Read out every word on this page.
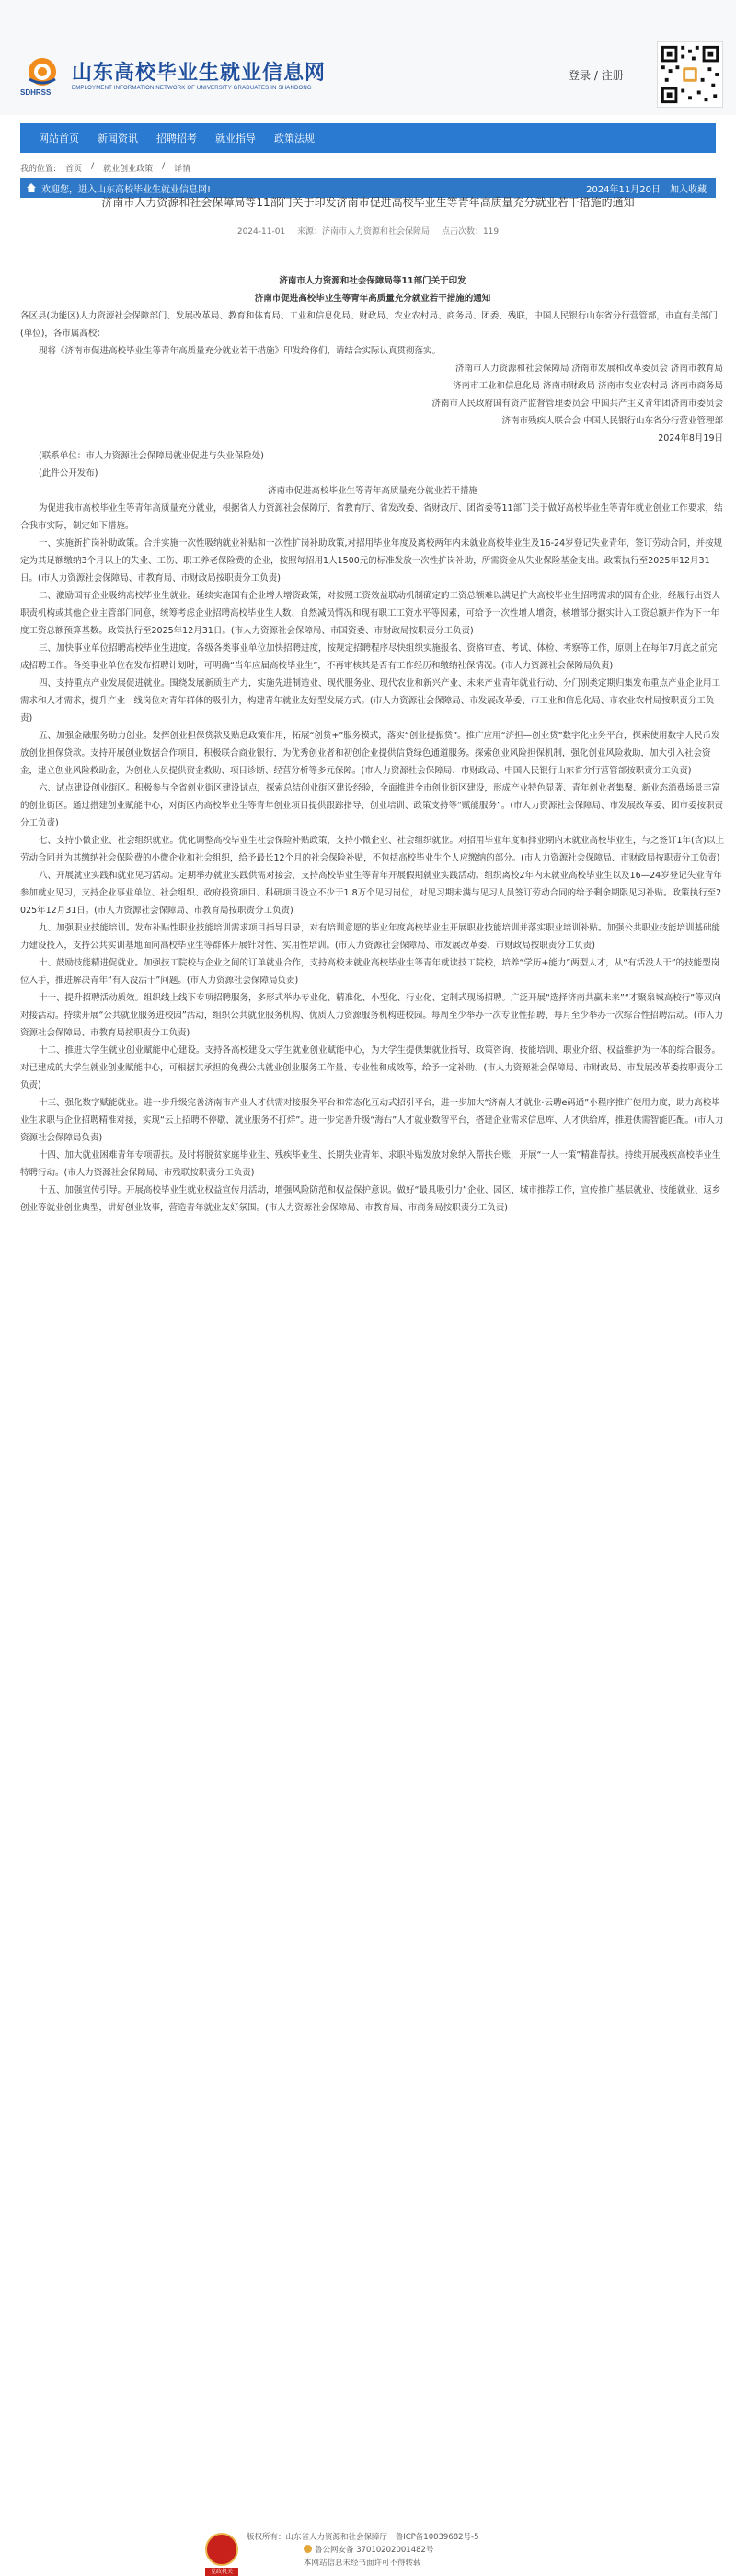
SDHRSS
山东高校毕业生就业信息网
EMPLOYMENT INFORMATION NETWORK OF UNIVERSITY GRADUATES IN SHANDONG
登录 / 注册
网站首页 新闻资讯 招聘招考 就业指导 政策法规
我的位置: 首页 / 就业创业政策 / 详情
欢迎您，进入山东高校毕业生就业信息网!	2024年11月20日 加入收藏
济南市人力资源和社会保障局等11部门关于印发济南市促进高校毕业生等青年高质量充分就业若干措施的通知
2024-11-01 来源：济南市人力资源和社会保障局 点击次数：119

济南市人力资源和社会保障局等11部门关于印发

济南市促进高校毕业生等青年高质量充分就业若干措施的通知

各区县(功能区)人力资源社会保障部门、发展改革局、教育和体育局、工业和信息化局、财政局、农业农村局、商务局、团委、残联，中国人民银行山东省分行营管部，市直有关部门(单位)，各市属高校：

现将《济南市促进高校毕业生等青年高质量充分就业若干措施》印发给你们，请结合实际认真贯彻落实。

济南市人力资源和社会保障局 济南市发展和改革委员会 济南市教育局

济南市工业和信息化局 济南市财政局 济南市农业农村局 济南市商务局

济南市人民政府国有资产监督管理委员会 中国共产主义青年团济南市委员会

济南市残疾人联合会 中国人民银行山东省分行营业管理部

2024年8月19日

(联系单位：市人力资源社会保障局就业促进与失业保险处)

(此件公开发布)

济南市促进高校毕业生等青年高质量充分就业若干措施

为促进我市高校毕业生等青年高质量充分就业，根据省人力资源社会保障厅、省教育厅、省发改委、省财政厅、团省委等11部门关于做好高校毕业生等青年就业创业工作要求，结合我市实际，制定如下措施。

一、实施新扩岗补助政策。合并实施一次性吸纳就业补贴和一次性扩岗补助政策,对招用毕业年度及离校两年内未就业高校毕业生及16-24岁登记失业青年，签订劳动合同，并按规定为其足额缴纳3个月以上的失业、工伤、职工养老保险费的企业，按照每招用1人1500元的标准发放一次性扩岗补助，所需资金从失业保险基金支出。政策执行至2025年12月31日。(市人力资源社会保障局、市教育局、市财政局按职责分工负责)

二、激励国有企业吸纳高校毕业生就业。延续实施国有企业增人增资政策，对按照工资效益联动机制确定的工资总额难以满足扩大高校毕业生招聘需求的国有企业，经履行出资人职责机构或其他企业主管部门同意，统筹考虑企业招聘高校毕业生人数、自然减员情况和现有职工工资水平等因素，可给予一次性增人增资，核增部分据实计入工资总额并作为下一年度工资总额预算基数。政策执行至2025年12月31日。(市人力资源社会保障局、市国资委、市财政局按职责分工负责)

三、加快事业单位招聘高校毕业生进度。各级各类事业单位加快招聘进度，按规定招聘程序尽快组织实施报名、资格审查、考试、体检、考察等工作，原则上在每年7月底之前完成招聘工作。各类事业单位在发布招聘计划时，可明确“当年应届高校毕业生”，不再审核其是否有工作经历和缴纳社保情况。(市人力资源社会保障局负责)

四、支持重点产业发展促进就业。围绕发展新质生产力，实施先进制造业、现代服务业、现代农业和新兴产业、未来产业青年就业行动，分门别类定期归集发布重点产业企业用工需求和人才需求，提升产业一线岗位对青年群体的吸引力，构建青年就业友好型发展方式。(市人力资源社会保障局、市发展改革委、市工业和信息化局、市农业农村局按职责分工负责)

五、加强金融服务助力创业。发挥创业担保贷款及贴息政策作用，拓展“创贷+”服务模式，落实“创业提振贷”。推广应用“济担—创业贷”数字化业务平台，探索使用数字人民币发放创业担保贷款。支持开展创业数据合作项目，积极联合商业银行，为优秀创业者和初创企业提供信贷绿色通道服务。探索创业风险担保机制，强化创业风险救助，加大引入社会资金，建立创业风险救助金，为创业人员提供资金救助、项目诊断、经营分析等多元保障。(市人力资源社会保障局、市财政局、中国人民银行山东省分行营管部按职责分工负责)

六、试点建设创业街区。积极参与全省创业街区建设试点，探索总结创业街区建设经验，全面推进全市创业街区建设，形成产业特色显著、青年创业者集聚、新业态消费场景丰富的创业街区。通过搭建创业赋能中心，对街区内高校毕业生等青年创业项目提供跟踪指导、创业培训、政策支持等“赋能服务”。(市人力资源社会保障局、市发展改革委、团市委按职责分工负责)

七、支持小微企业、社会组织就业。优化调整高校毕业生社会保险补贴政策，支持小微企业、社会组织就业。对招用毕业年度和择业期内未就业高校毕业生，与之签订1年(含)以上劳动合同并为其缴纳社会保险费的小微企业和社会组织，给予最长12个月的社会保险补贴，不包括高校毕业生个人应缴纳的部分。(市人力资源社会保障局、市财政局按职责分工负责)

八、开展就业实践和就业见习活动。定期举办就业实践供需对接会，支持高校毕业生等青年开展假期就业实践活动。组织离校2年内未就业高校毕业生以及16—24岁登记失业青年参加就业见习，支持企业事业单位、社会组织、政府投资项目、科研项目设立不少于1.8万个见习岗位，对见习期未满与见习人员签订劳动合同的给予剩余期限见习补贴。政策执行至2025年12月31日。(市人力资源社会保障局、市教育局按职责分工负责)

九、加强职业技能培训。发布补贴性职业技能培训需求项目指导目录，对有培训意愿的毕业年度高校毕业生开展职业技能培训并落实职业培训补贴。加强公共职业技能培训基础能力建设投入，支持公共实训基地面向高校毕业生等群体开展针对性、实用性培训。(市人力资源社会保障局、市发展改革委、市财政局按职责分工负责)

十、鼓励技能精进促就业。加强技工院校与企业之间的订单就业合作，支持高校未就业高校毕业生等青年就读技工院校，培养“学历+能力”两型人才，从“有活没人干”的技能型岗位入手，推进解决青年“有人没活干”问题。(市人力资源社会保障局负责)

十一、提升招聘活动质效。组织线上线下专项招聘服务，多形式举办专业化、精准化、小型化、行业化、定制式现场招聘。广泛开展“选择济南共赢未来”“才聚泉城高校行”等双向对接活动。持续开展“公共就业服务进校园”活动，组织公共就业服务机构、优质人力资源服务机构进校园。每周至少举办一次专业性招聘、每月至少举办一次综合性招聘活动。(市人力资源社会保障局、市教育局按职责分工负责)

十二、推进大学生就业创业赋能中心建设。支持各高校建设大学生就业创业赋能中心，为大学生提供集就业指导、政策咨询、技能培训、职业介绍、权益维护为一体的综合服务。对已建成的大学生就业创业赋能中心，可根据其承担的免费公共就业创业服务工作量、专业性和成效等，给予一定补助。(市人力资源社会保障局、市财政局、市发展改革委按职责分工负责)

十三、强化数字赋能就业。进一步升级完善济南市产业人才供需对接服务平台和常态化互动式招引平台，进一步加大“济南人才就业·云聘e码通”小程序推广使用力度，助力高校毕业生求职与企业招聘精准对接，实现“云上招聘不停歇、就业服务不打烊”。进一步完善升级“海右”人才就业数智平台，搭建企业需求信息库、人才供给库，推进供需智能匹配。(市人力资源社会保障局负责)

十四、加大就业困难青年专项帮扶。及时将脱贫家庭毕业生、残疾毕业生、长期失业青年、求职补贴发放对象纳入帮扶台账，开展“一人一策”精准帮扶。持续开展残疾高校毕业生特聘行动。(市人力资源社会保障局、市残联按职责分工负责)

十五、加强宣传引导。开展高校毕业生就业权益宣传月活动，增强风险防范和权益保护意识。做好“最具吸引力”企业、园区、城市推荐工作，宣传推广基层就业、技能就业、返乡创业等就业创业典型，讲好创业故事，营造青年就业友好氛围。(市人力资源社会保障局、市教育局、市商务局按职责分工负责)

党政机关
版权所有：山东省人力资源和社会保障厅 鲁ICP备10039682号-5
鲁公网安备 37010202001482号
本网站信息未经书面许可不得转载
